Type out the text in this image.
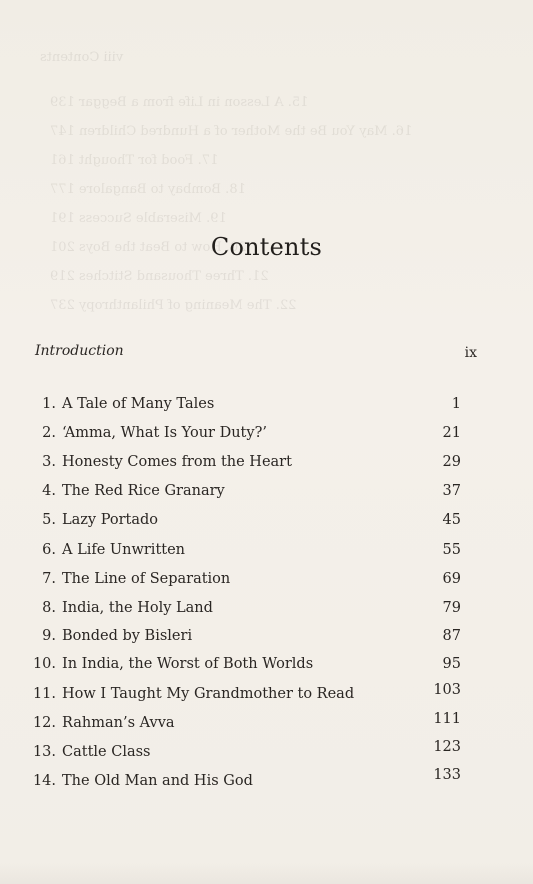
viii Contents
15. A Lesson in Life from a Beggar 139
16. May You Be the Mother of a Hundred Children 147
17. Food for Thought 161
18. Bombay to Bangalore 177
19. Miserable Success 191
20. How to Beat the Boys 201
21. Three Thousand Stitches 219
22. The Meaning of Philanthropy 237
Contents
Introduction	ix
1. A Tale of Many Tales	1
2. ‘Amma, What Is Your Duty?’	21
3. Honesty Comes from the Heart	29
4. The Red Rice Granary	37
5. Lazy Portado	45
6. A Life Unwritten	55
7. The Line of Separation	69
8. India, the Holy Land	79
9. Bonded by Bisleri	87
10. In India, the Worst of Both Worlds	95
11. How I Taught My Grandmother to Read	103
12. Rahman’s Avva	111
13. Cattle Class	123
14. The Old Man and His God	133
